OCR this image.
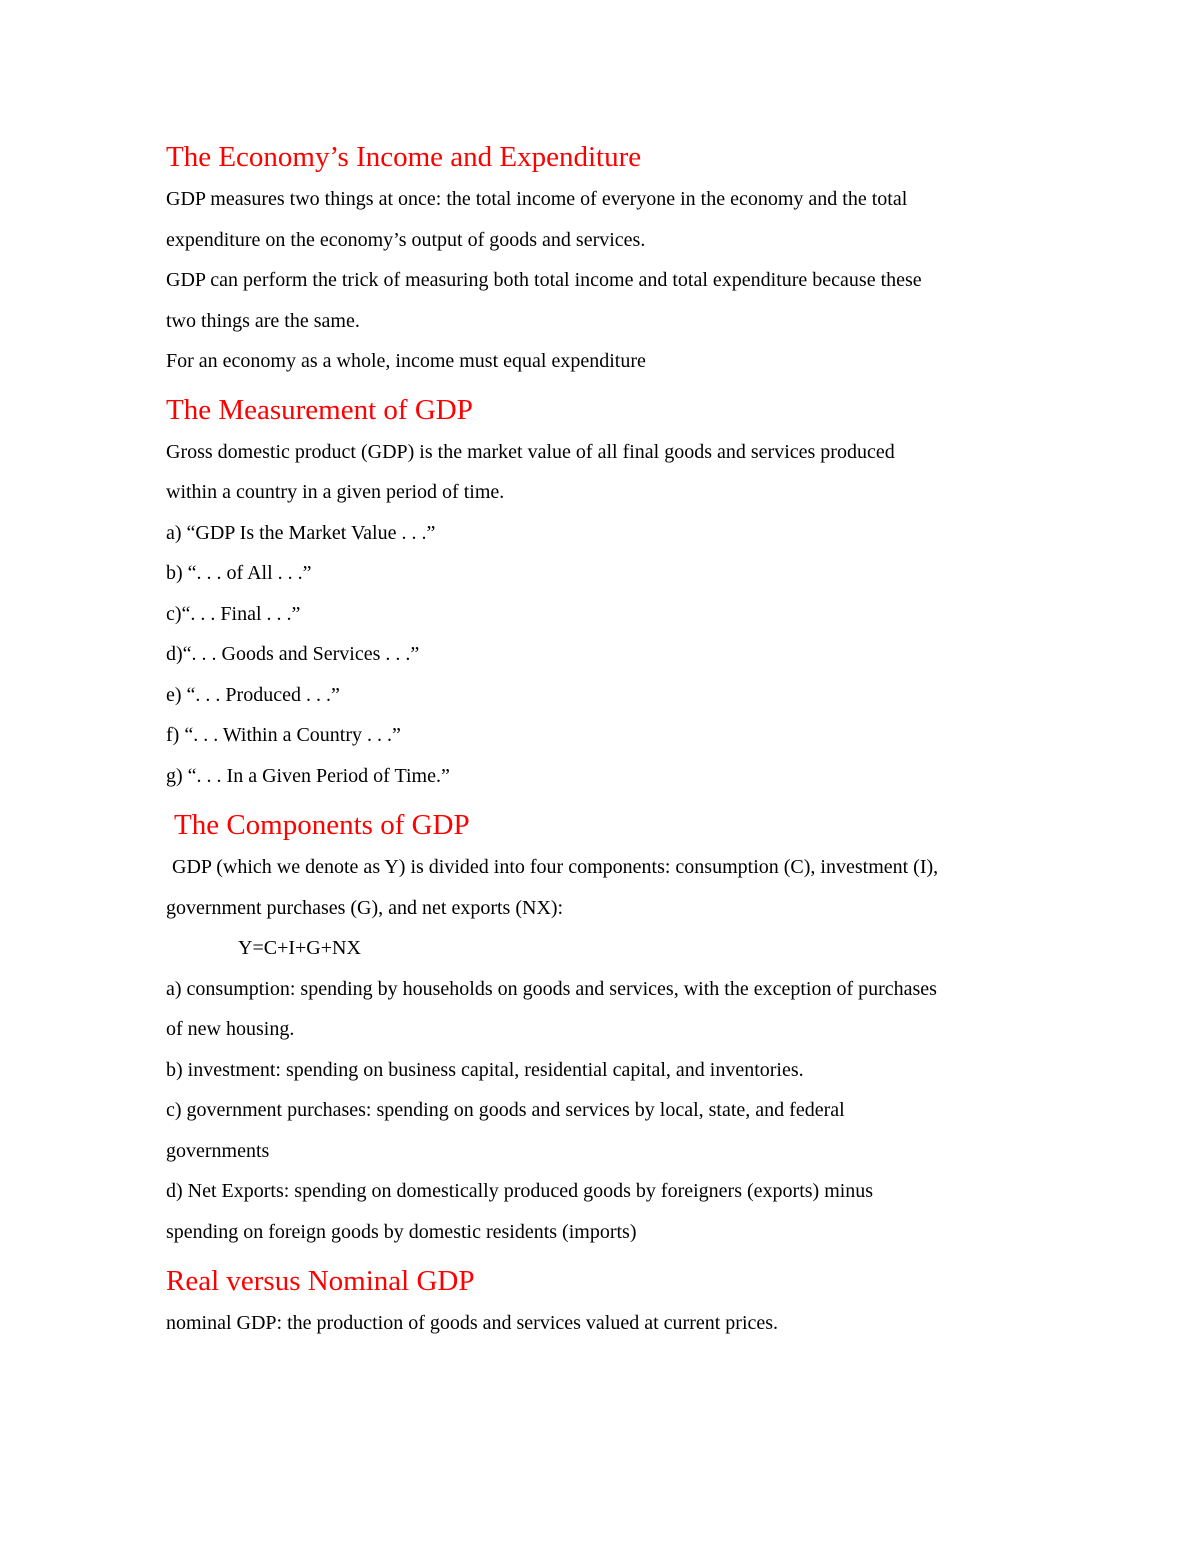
The Economy’s Income and Expenditure

GDP measures two things at once: the total income of everyone in the economy and the total

expenditure on the economy’s output of goods and services.

GDP can perform the trick of measuring both total income and total expenditure because these

two things are the same.

For an economy as a whole, income must equal expenditure

The Measurement of GDP

Gross domestic product (GDP) is the market value of all final goods and services produced

within a country in a given period of time.

a) “GDP Is the Market Value . . .”

b) “. . . of All . . .”

c)“. . . Final . . .”

d)“. . . Goods and Services . . .”

e) “. . . Produced . . .”

f) “. . . Within a Country . . .”

g) “. . . In a Given Period of Time.”

The Components of GDP

GDP (which we denote as Y) is divided into four components: consumption (C), investment (I),

government purchases (G), and net exports (NX):

Y=C+I+G+NX

a) consumption: spending by households on goods and services, with the exception of purchases

of new housing.

b) investment: spending on business capital, residential capital, and inventories.

c) government purchases: spending on goods and services by local, state, and federal

governments

d) Net Exports: spending on domestically produced goods by foreigners (exports) minus

spending on foreign goods by domestic residents (imports)

Real versus Nominal GDP

nominal GDP: the production of goods and services valued at current prices.
